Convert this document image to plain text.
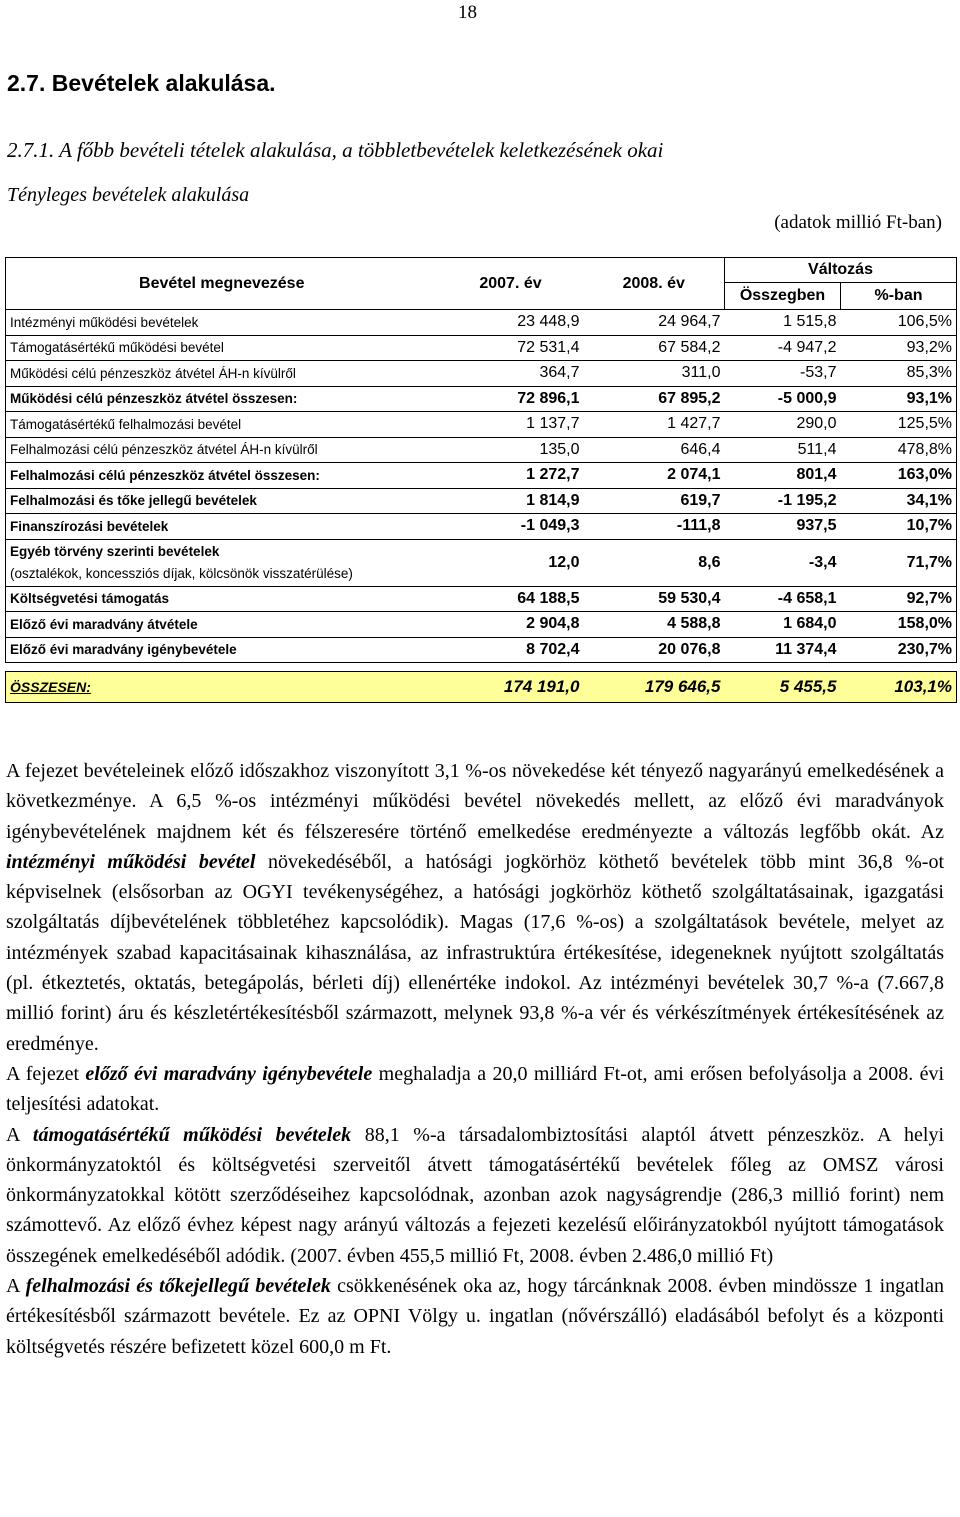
18
2.7. Bevételek alakulása.
2.7.1. A főbb bevételi tételek alakulása, a többletbevételek keletkezésének okai
Tényleges bevételek alakulása
(adatok millió Ft-ban)
Bevétel megnevezése	2007. év	2008. év	Változás	
			Összegben	%-ban
Intézményi működési bevételek	23 448,9	24 964,7	1 515,8	106,5%
Támogatásértékű működési bevétel	72 531,4	67 584,2	-4 947,2	93,2%
Működési célú pénzeszköz átvétel ÁH-n kívülről	364,7	311,0	-53,7	85,3%
Működési célú pénzeszköz átvétel összesen:	72 896,1	67 895,2	-5 000,9	93,1%
Támogatásértékű felhalmozási bevétel	1 137,7	1 427,7	290,0	125,5%
Felhalmozási célú pénzeszköz átvétel ÁH-n kívülről	135,0	646,4	511,4	478,8%
Felhalmozási célú pénzeszköz átvétel összesen:	1 272,7	2 074,1	801,4	163,0%
Felhalmozási és tőke jellegű bevételek	1 814,9	619,7	-1 195,2	34,1%
Finanszírozási bevételek	-1 049,3	-111,8	937,5	10,7%

Egyéb törvény szerinti bevételek
(osztalékok, koncessziós díjak, kölcsönök visszatérülése)	12,0	8,6	-3,4	71,7%
Költségvetési támogatás	64 188,5	59 530,4	-4 658,1	92,7%
Előző évi maradvány átvétele	2 904,8	4 588,8	1 684,0	158,0%
Előző évi maradvány igénybevétele	8 702,4	20 076,8	11 374,4	230,7%

ÖSSZESEN:	174 191,0	179 646,5	5 455,5	103,1%

A fejezet bevételeinek előző időszakhoz viszonyított 3,1 %-os növekedése két tényező nagyarányú emelkedésének a következménye. A 6,5 %-os intézményi működési bevétel növekedés mellett, az előző évi maradványok igénybevételének majdnem két és félszeresére történő emelkedése eredményezte a változás legfőbb okát. Az intézményi működési bevétel növekedéséből, a hatósági jogkörhöz köthető bevételek több mint 36,8 %-ot képviselnek (elsősorban az OGYI tevékenységéhez, a hatósági jogkörhöz köthető szolgáltatásainak, igazgatási szolgáltatás díjbevételének többletéhez kapcsolódik). Magas (17,6 %-os) a szolgáltatások bevétele, melyet az intézmények szabad kapacitásainak kihasználása, az infrastruktúra értékesítése, idegeneknek nyújtott szolgáltatás (pl. étkeztetés, oktatás, betegápolás, bérleti díj) ellenértéke indokol. Az intézményi bevételek 30,7 %-a (7.667,8 millió forint) áru és készletértékesítésből származott, melynek 93,8 %-a vér és vérkészítmények értékesítésének az eredménye.

A fejezet előző évi maradvány igénybevétele meghaladja a 20,0 milliárd Ft-ot, ami erősen befolyásolja a 2008. évi teljesítési adatokat.

A támogatásértékű működési bevételek 88,1 %-a társadalombiztosítási alaptól átvett pénzeszköz. A helyi önkormányzatoktól és költségvetési szerveitől átvett támogatásértékű bevételek főleg az OMSZ városi önkormányzatokkal kötött szerződéseihez kapcsolódnak, azonban azok nagyságrendje (286,3 millió forint) nem számottevő. Az előző évhez képest nagy arányú változás a fejezeti kezelésű előirányzatokból nyújtott támogatások összegének emelkedéséből adódik. (2007. évben 455,5 millió Ft, 2008. évben 2.486,0 millió Ft)

A felhalmozási és tőkejellegű bevételek csökkenésének oka az, hogy tárcánknak 2008. évben mindössze 1 ingatlan értékesítésből származott bevétele. Ez az OPNI Völgy u. ingatlan (nővérszálló) eladásából befolyt és a központi költségvetés részére befizetett közel 600,0 m Ft.
